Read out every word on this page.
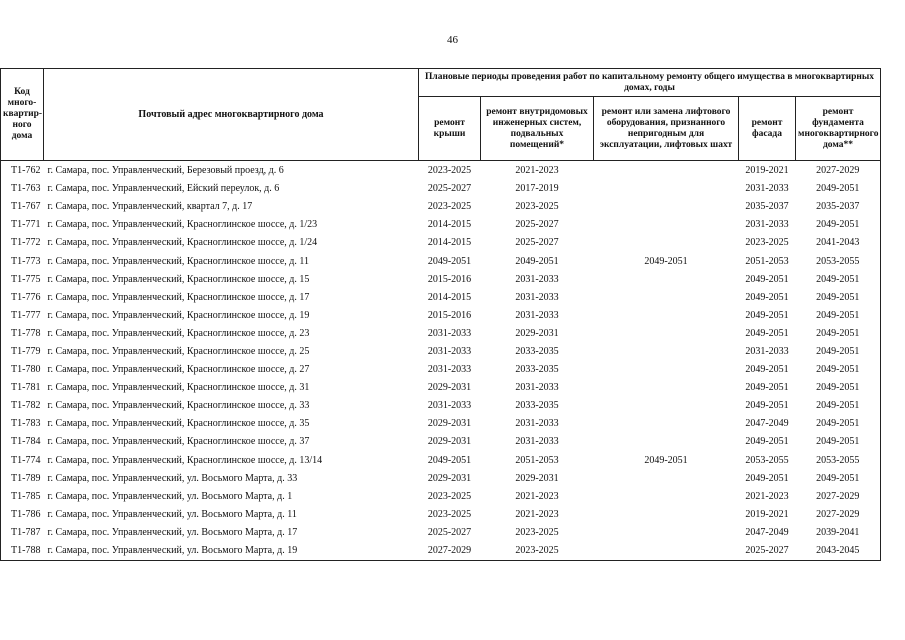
46
Код много-квартир-ного дома	Почтовый адрес многоквартирного дома	Плановые периоды проведения работ по капитальному ремонту общего имущества в многоквартирных домах, годы				
		ремонт крыши	ремонт внутридомовых инженерных систем, подвальных помещений*	ремонт или замена лифтового оборудования, признанного непригодным для эксплуатации, лифтовых шахт	ремонт фасада	ремонт фундамента многоквартирного дома**
Т1-762	г. Самара, пос. Управленческий, Березовый проезд, д. 6	2023-2025	2021-2023		2019-2021	2027-2029
Т1-763	г. Самара, пос. Управленческий, Ейский переулок, д. 6	2025-2027	2017-2019		2031-2033	2049-2051
Т1-767	г. Самара, пос. Управленческий, квартал 7, д. 17	2023-2025	2023-2025		2035-2037	2035-2037
Т1-771	г. Самара, пос. Управленческий, Красноглинское шоссе, д. 1/23	2014-2015	2025-2027		2031-2033	2049-2051
Т1-772	г. Самара, пос. Управленческий, Красноглинское шоссе, д. 1/24	2014-2015	2025-2027		2023-2025	2041-2043
Т1-773	г. Самара, пос. Управленческий, Красноглинское шоссе, д. 11	2049-2051	2049-2051	2049-2051	2051-2053	2053-2055
Т1-775	г. Самара, пос. Управленческий, Красноглинское шоссе, д. 15	2015-2016	2031-2033		2049-2051	2049-2051
Т1-776	г. Самара, пос. Управленческий, Красноглинское шоссе, д. 17	2014-2015	2031-2033		2049-2051	2049-2051
Т1-777	г. Самара, пос. Управленческий, Красноглинское шоссе, д. 19	2015-2016	2031-2033		2049-2051	2049-2051
Т1-778	г. Самара, пос. Управленческий, Красноглинское шоссе, д. 23	2031-2033	2029-2031		2049-2051	2049-2051
Т1-779	г. Самара, пос. Управленческий, Красноглинское шоссе, д. 25	2031-2033	2033-2035		2031-2033	2049-2051
Т1-780	г. Самара, пос. Управленческий, Красноглинское шоссе, д. 27	2031-2033	2033-2035		2049-2051	2049-2051
Т1-781	г. Самара, пос. Управленческий, Красноглинское шоссе, д. 31	2029-2031	2031-2033		2049-2051	2049-2051
Т1-782	г. Самара, пос. Управленческий, Красноглинское шоссе, д. 33	2031-2033	2033-2035		2049-2051	2049-2051
Т1-783	г. Самара, пос. Управленческий, Красноглинское шоссе, д. 35	2029-2031	2031-2033		2047-2049	2049-2051
Т1-784	г. Самара, пос. Управленческий, Красноглинское шоссе, д. 37	2029-2031	2031-2033		2049-2051	2049-2051
Т1-774	г. Самара, пос. Управленческий, Красноглинское шоссе, д. 13/14	2049-2051	2051-2053	2049-2051	2053-2055	2053-2055
Т1-789	г. Самара, пос. Управленческий, ул. Восьмого Марта, д. 33	2029-2031	2029-2031		2049-2051	2049-2051
Т1-785	г. Самара, пос. Управленческий, ул. Восьмого Марта, д. 1	2023-2025	2021-2023		2021-2023	2027-2029
Т1-786	г. Самара, пос. Управленческий, ул. Восьмого Марта, д. 11	2023-2025	2021-2023		2019-2021	2027-2029
Т1-787	г. Самара, пос. Управленческий, ул. Восьмого Марта, д. 17	2025-2027	2023-2025		2047-2049	2039-2041
Т1-788	г. Самара, пос. Управленческий, ул. Восьмого Марта, д. 19	2027-2029	2023-2025		2025-2027	2043-2045
